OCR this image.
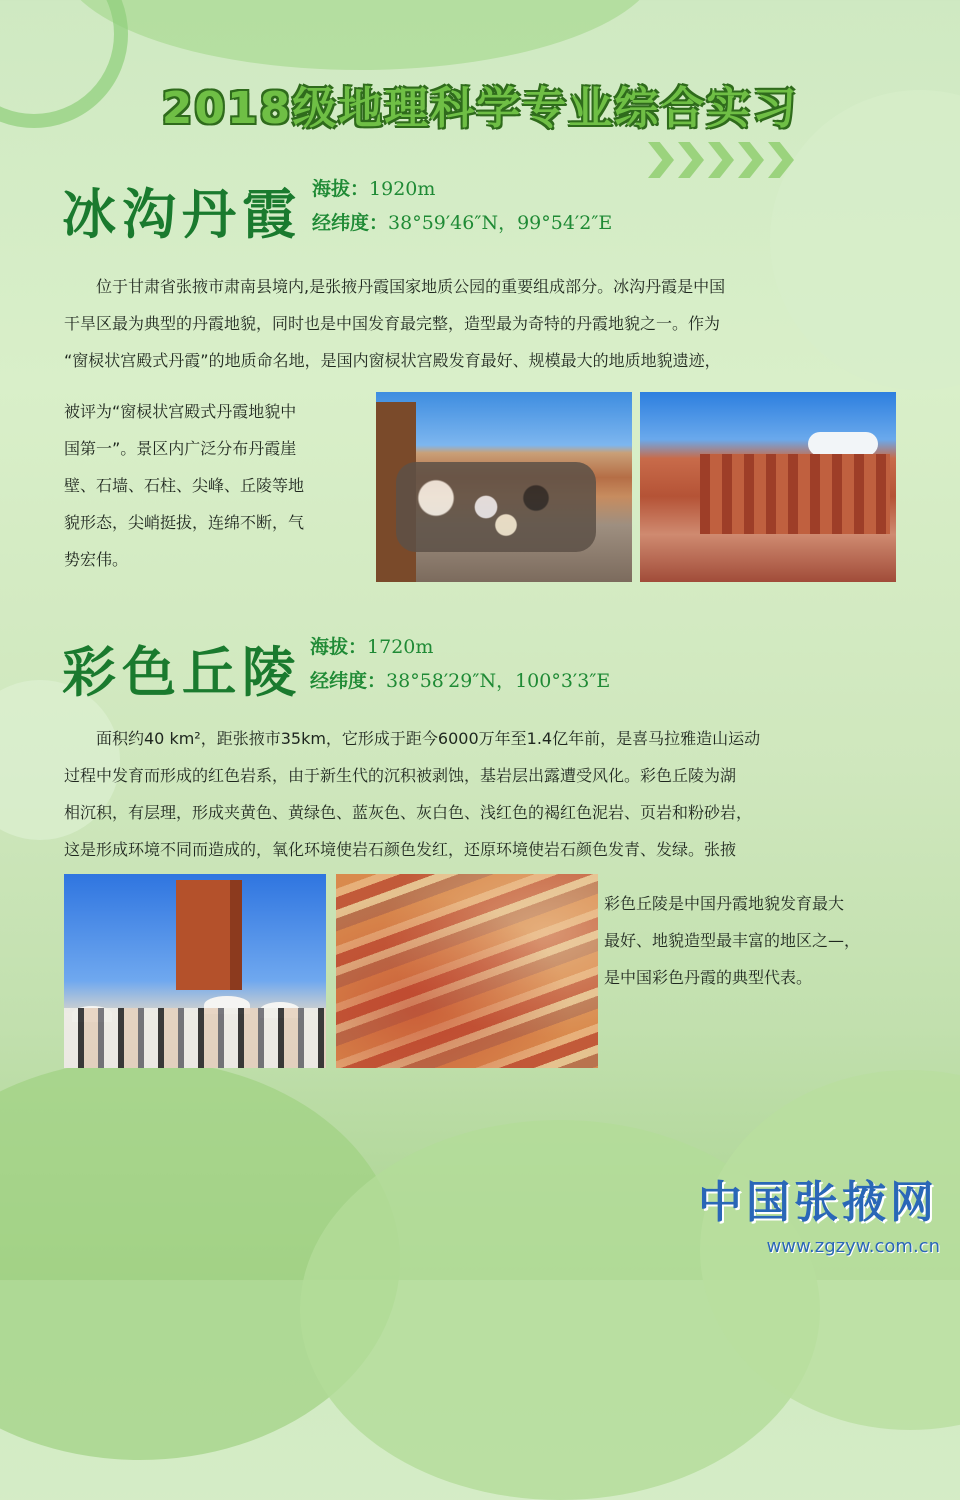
2018级地理科学专业综合实习
冰沟丹霞 海拔：1920m
经纬度：38°59′46″N，99°54′2″E

　　位于甘肃省张掖市肃南县境内,是张掖丹霞国家地质公园的重要组成部分。冰沟丹霞是中国

干旱区最为典型的丹霞地貌，同时也是中国发育最完整，造型最为奇特的丹霞地貌之一。作为

“窗棂状宫殿式丹霞”的地质命名地，是国内窗棂状宫殿发育最好、规模最大的地质地貌遗迹，

被评为“窗棂状宫殿式丹霞地貌中

国第一”。景区内广泛分布丹霞崖

壁、石墙、石柱、尖峰、丘陵等地

貌形态，尖峭挺拔，连绵不断，气

势宏伟。

彩色丘陵 海拔：1720m
经纬度：38°58′29″N，100°3′3″E

　　面积约40 km²，距张掖市35km，它形成于距今6000万年至1.4亿年前，是喜马拉雅造山运动

过程中发育而形成的红色岩系，由于新生代的沉积被剥蚀，基岩层出露遭受风化。彩色丘陵为湖

相沉积，有层理，形成夹黄色、黄绿色、蓝灰色、灰白色、浅红色的褐红色泥岩、页岩和粉砂岩，

这是形成环境不同而造成的，氧化环境使岩石颜色发红，还原环境使岩石颜色发青、发绿。张掖

彩色丘陵是中国丹霞地貌发育最大

最好、地貌造型最丰富的地区之—，

是中国彩色丹霞的典型代表。

中国张掖网
www.zgzyw.com.cn
